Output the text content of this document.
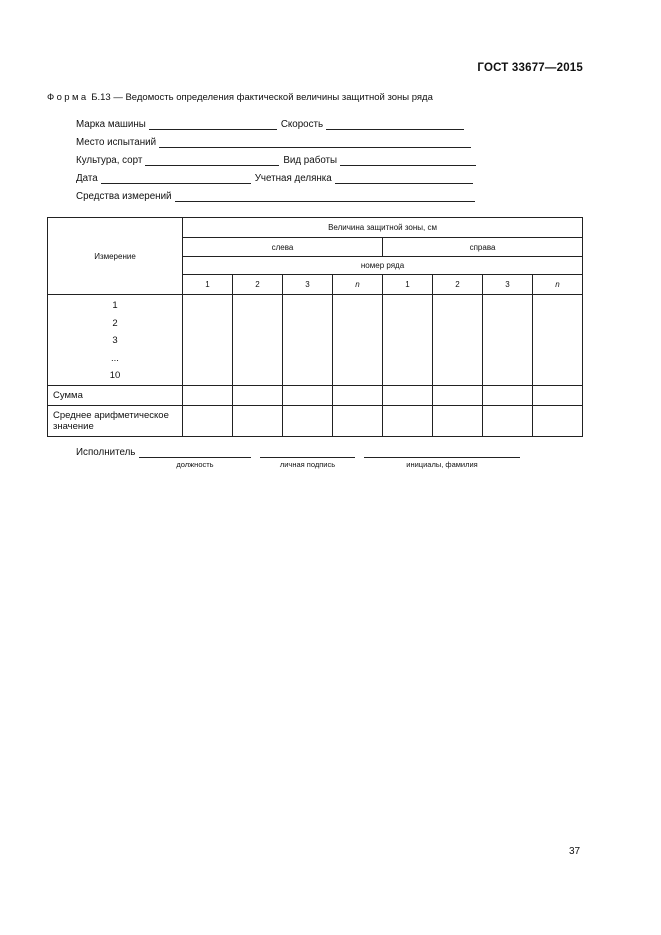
ГОСТ 33677—2015
Форма Б.13 — Ведомость определения фактической величины защитной зоны ряда
Марка машины	Скорость
Место испытаний
Культура, сорт	Вид работы
Дата	Учетная делянка
Средства измерений
Измерение	Величина защитной зоны, см							
	слева				справа			
	номер ряда							
	1	2	3	n	1	2	3	n

1
2
3
...
10								

Сумма								
Среднее арифметическое значение								
Исполнитель
должность	личная подпись	инициалы, фамилия
37
